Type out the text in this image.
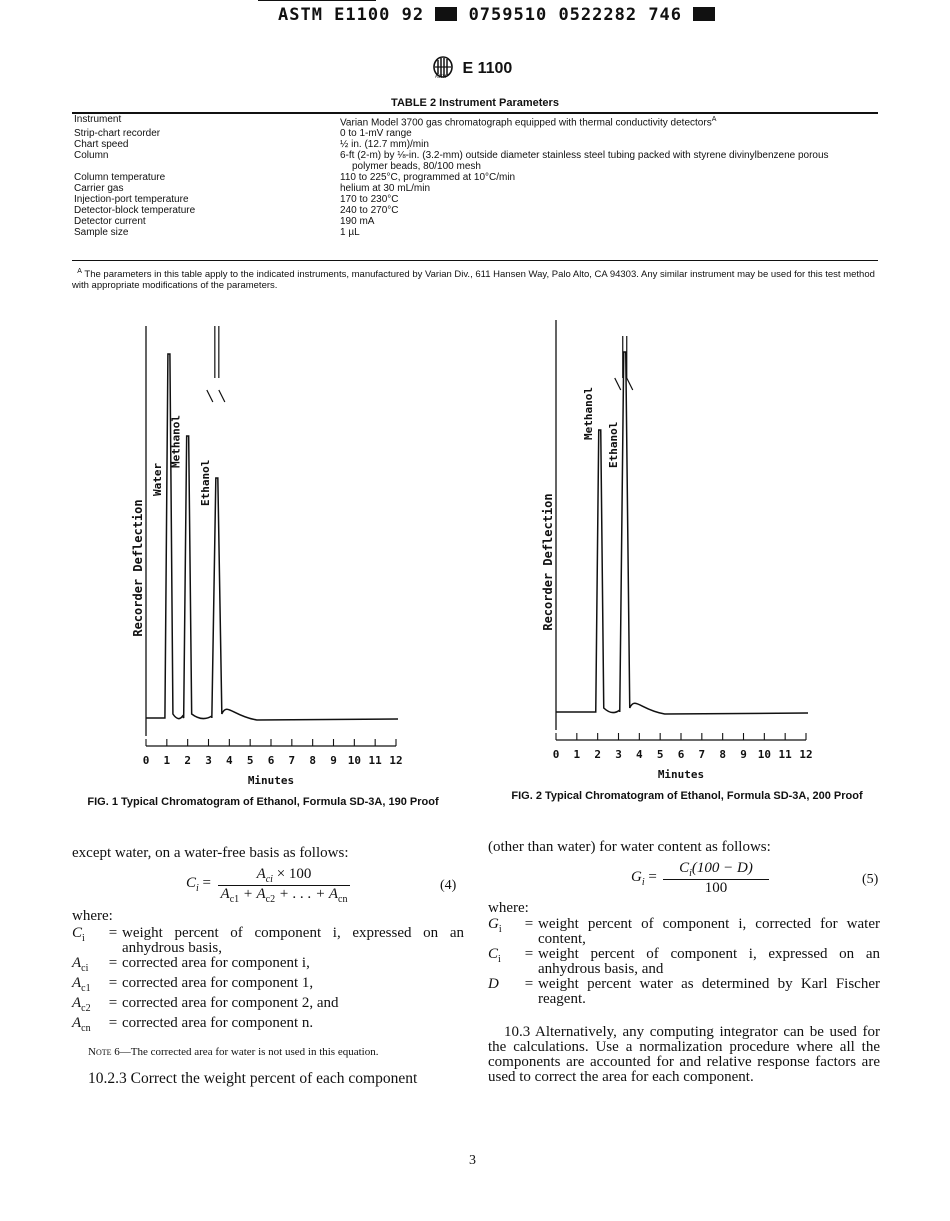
ASTM E1100 92	0759510 0522282 746
ASTM E 1100
TABLE 2 Instrument Parameters
Instrument	Varian Model 3700 gas chromatograph equipped with thermal conductivity detectors$^A$
Strip-chart recorder	0 to 1-mV range
Chart speed	½ in. (12.7 mm)/min
Column	6-ft (2-m) by ⅛-in. (3.2-mm) outside diameter stainless steel tubing packed with styrene divinylbenzene porous
polymer beads, 80/100 mesh

Column temperature	110 to 225°C, programmed at 10°C/min
Carrier gas	helium at 30 mL/min
Injection-port temperature	170 to 230°C
Detector-block temperature	240 to 270°C
Detector current	190 mA
Sample size	1 µL
$^A$ The parameters in this table apply to the indicated instruments, manufactured by Varian Div., 611 Hansen Way, Palo Alto, CA 94303. Any similar instrument may be used for this test method with appropriate modifications of the parameters.
0 1 2 3 4 5 6 7 8 9 10 11 12
Minutes
Recorder Deflection
Water
Methanol
Ethanol
FIG. 1 Typical Chromatogram of Ethanol, Formula SD-3A, 190 Proof
0 1 2 3 4 5 6 7 8 9 10 11 12
Minutes
Recorder Deflection
Methanol
Ethanol
FIG. 2 Typical Chromatogram of Ethanol, Formula SD-3A, 200 Proof
except water, on a water-free basis as follows:
$C_i$ =
$A_{ci} \times 100$
$A_{c1} + A_{c2}$ + . . . + $A_{cn}$
(4)
where:
$C_i$	=	weight percent of component i, expressed on an anhydrous basis,
$A_{ci}$	=	corrected area for component i,
$A_{c1}$	=	corrected area for component 1,
$A_{c2}$	=	corrected area for component 2, and
$A_{cn}$	=	corrected area for component n.
Note 6—The corrected area for water is not used in this equation.
10.2.3 Correct the weight percent of each component
(other than water) for water content as follows:
$G_i$ =
$C_i(100 - D)$
100
(5)
where:
$G_i$	=	weight percent of component i, corrected for water content,
$C_i$	=	weight percent of component i, expressed on an anhydrous basis, and
D	=	weight percent water as determined by Karl Fischer reagent.
10.3 Alternatively, any computing integrator can be used for the calculations. Use a normalization procedure where all the components are accounted for and relative response factors are used to correct the area for each component.
3
